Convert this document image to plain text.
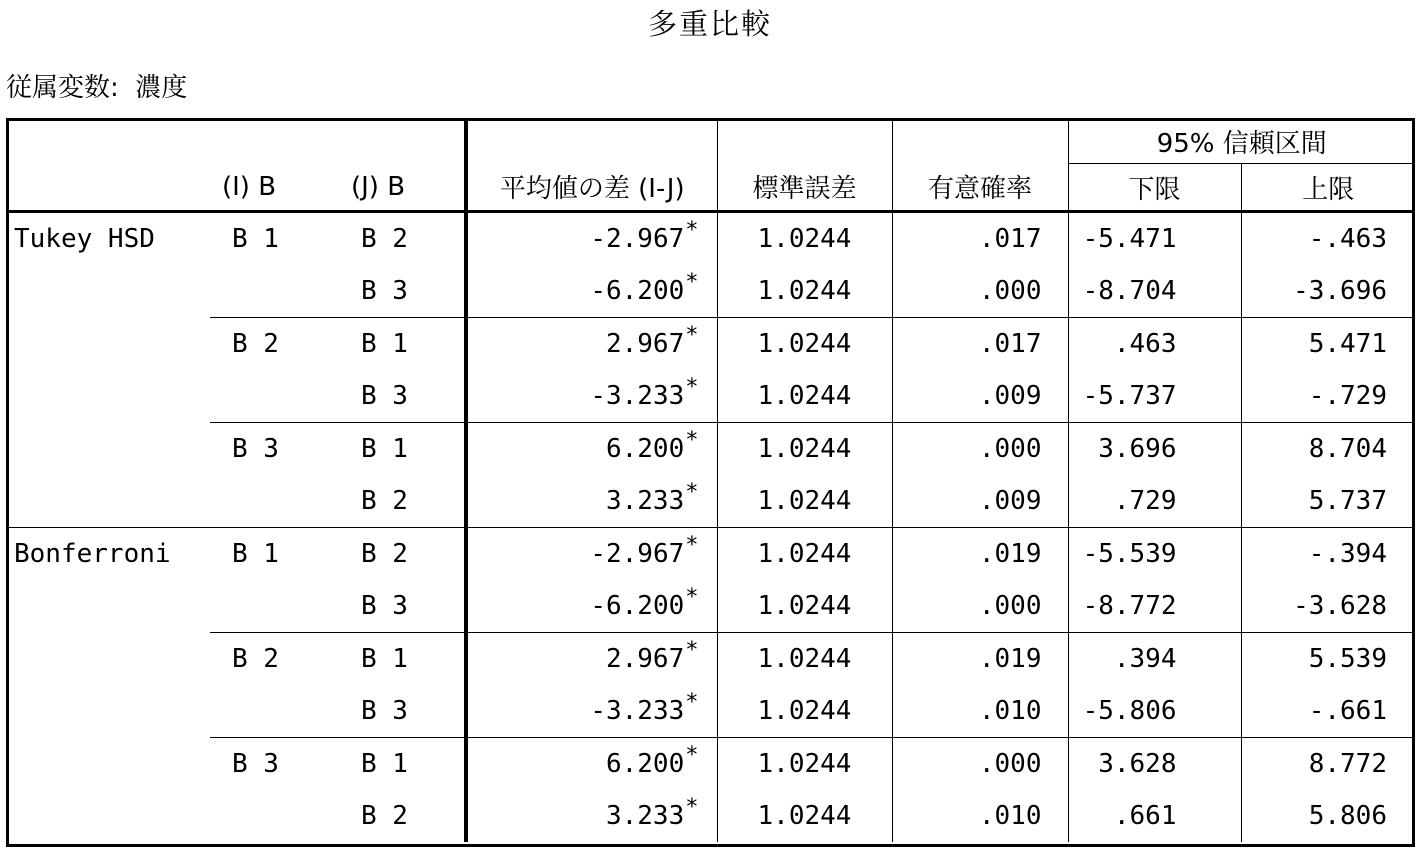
多重比較
従属変数: 濃度
						95% 信頼区間	
	(I) B	(J) B	平均値の差 (I-J)	標準誤差	有意確率	下限	上限
Tukey HSD	B 1	B 2	-2.967*	1.0244	.017	-5.471	-.463
		B 3	-6.200*	1.0244	.000	-8.704	-3.696
	B 2	B 1	2.967*	1.0244	.017	.463	5.471
		B 3	-3.233*	1.0244	.009	-5.737	-.729
	B 3	B 1	6.200*	1.0244	.000	3.696	8.704
		B 2	3.233*	1.0244	.009	.729	5.737
Bonferroni	B 1	B 2	-2.967*	1.0244	.019	-5.539	-.394
		B 3	-6.200*	1.0244	.000	-8.772	-3.628
	B 2	B 1	2.967*	1.0244	.019	.394	5.539
		B 3	-3.233*	1.0244	.010	-5.806	-.661
	B 3	B 1	6.200*	1.0244	.000	3.628	8.772
		B 2	3.233*	1.0244	.010	.661	5.806
